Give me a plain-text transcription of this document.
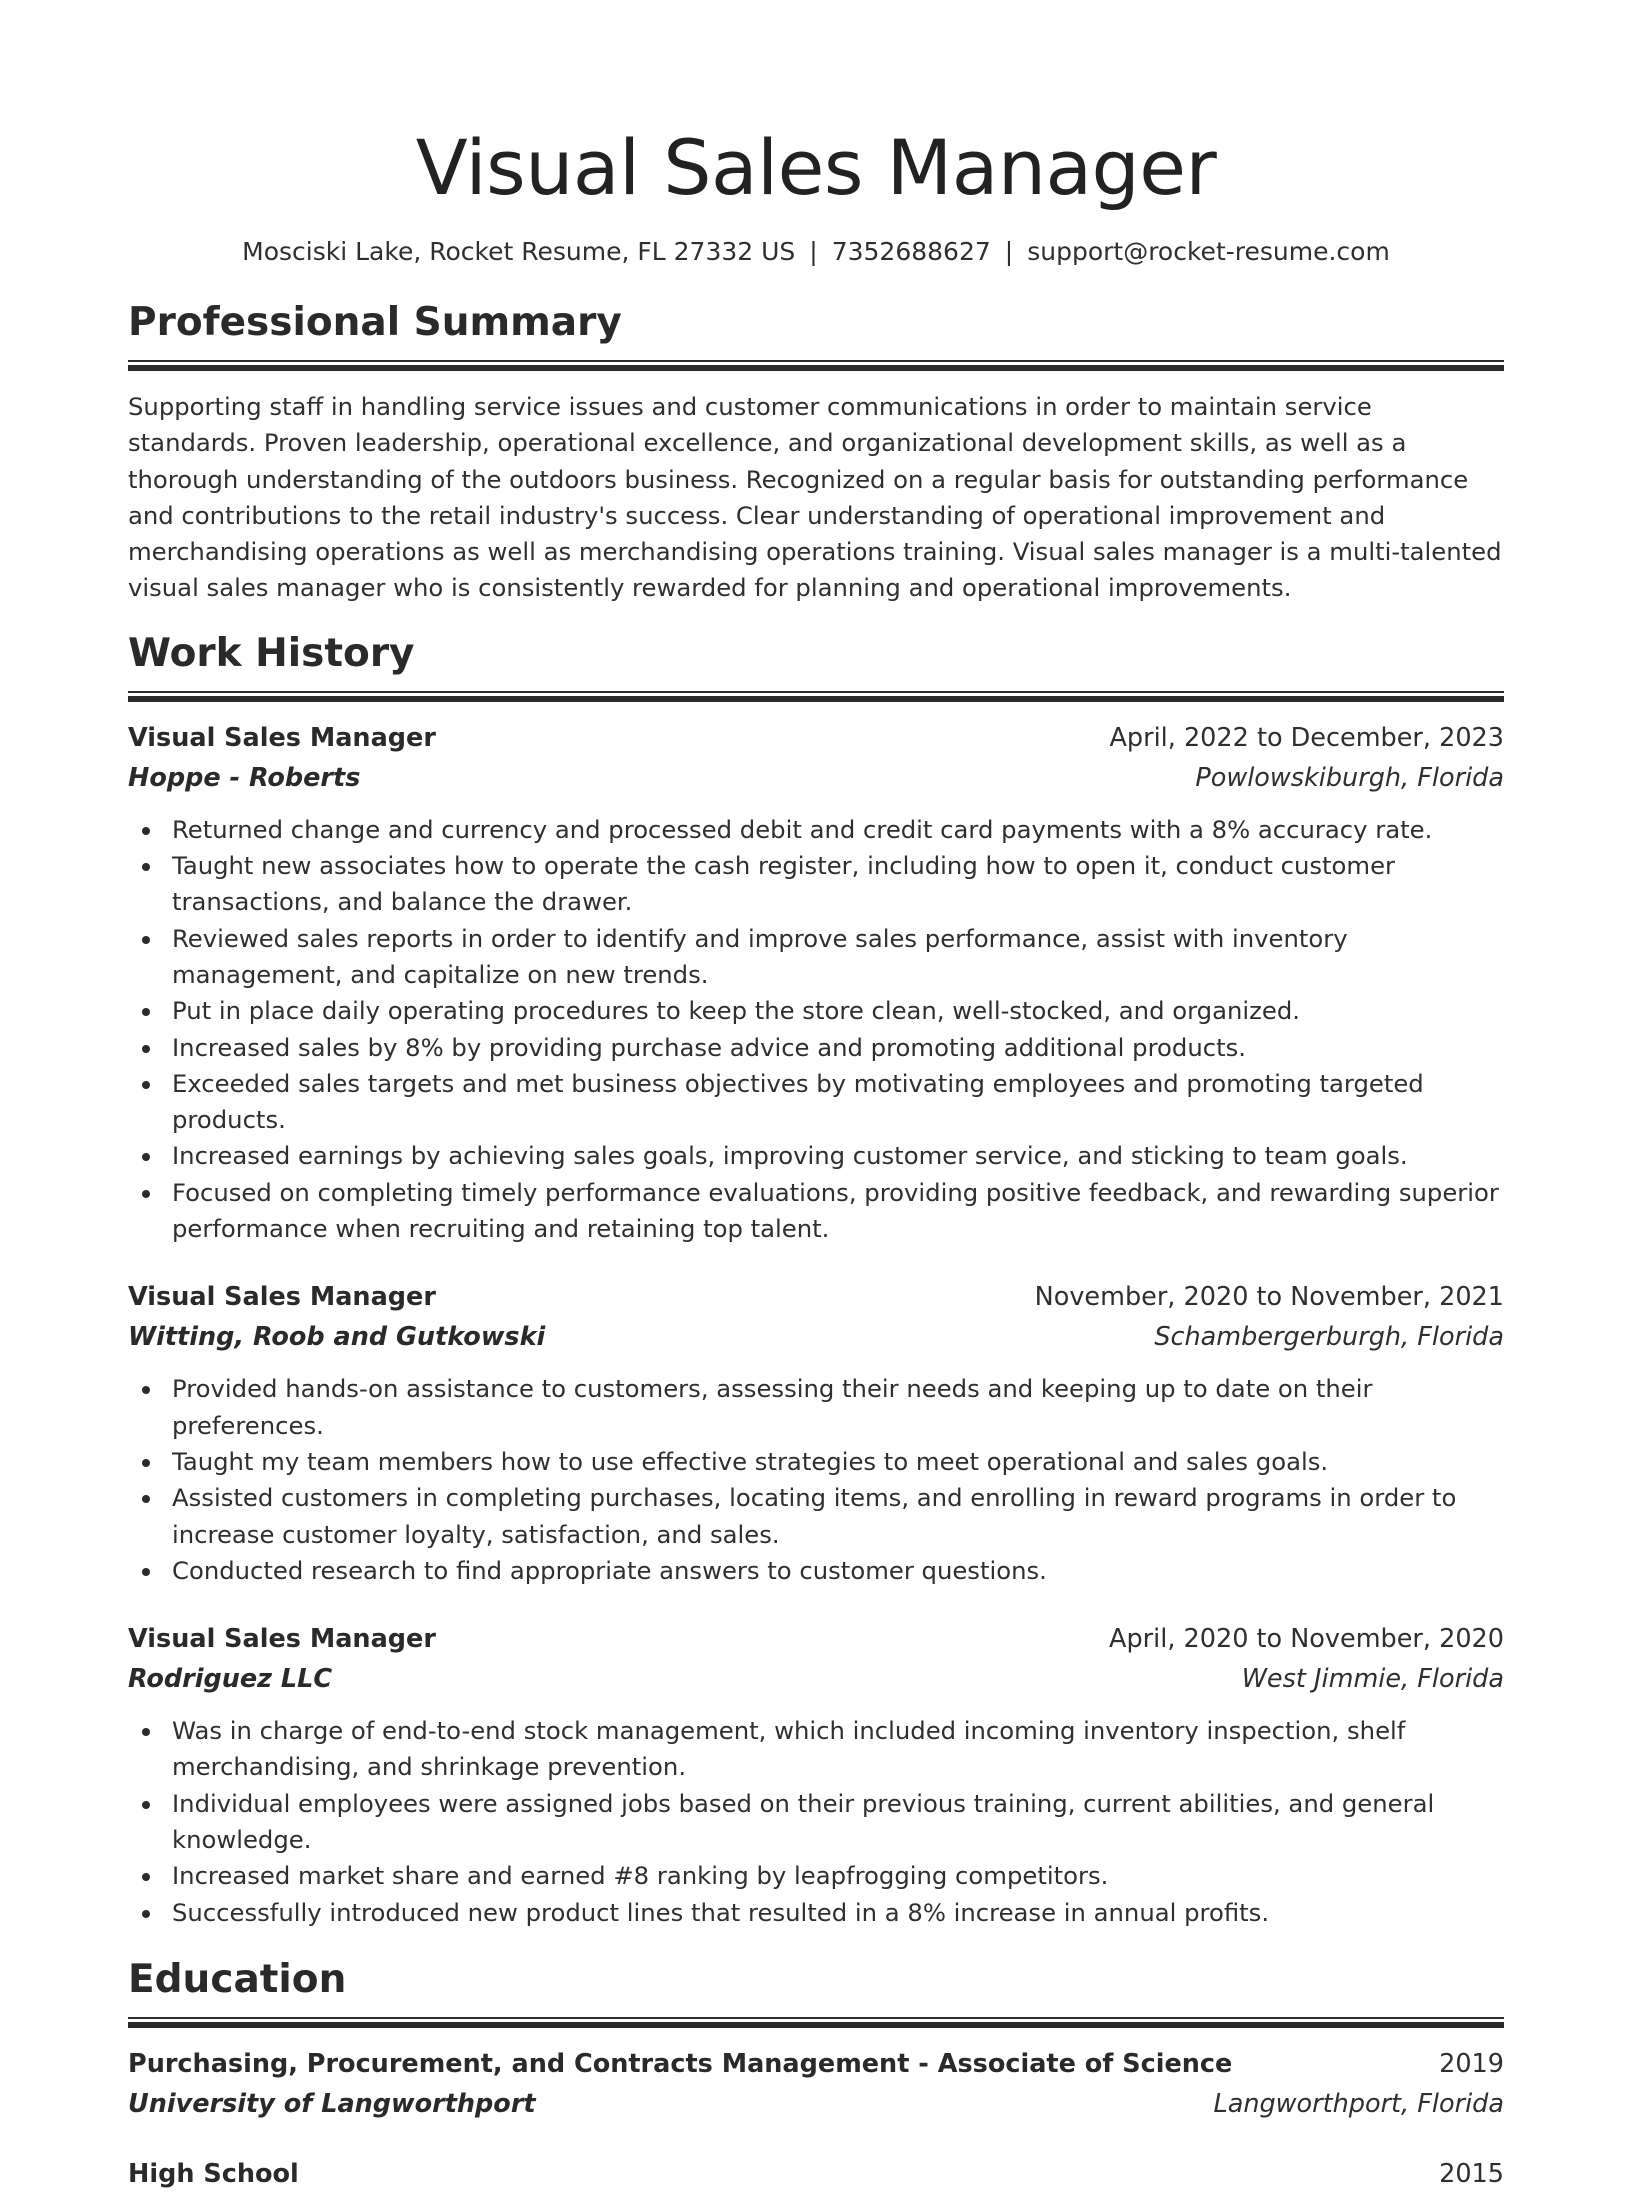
Visual Sales Manager
Mosciski Lake, Rocket Resume, FL 27332 US | 7352688627 | support@rocket-resume.com
Professional Summary

Supporting staff in handling service issues and customer communications in order to maintain service standards. Proven leadership, operational excellence, and organizational development skills, as well as a thorough understanding of the outdoors business. Recognized on a regular basis for outstanding performance and contributions to the retail industry's success. Clear understanding of operational improvement and merchandising operations as well as merchandising operations training. Visual sales manager is a multi-talented visual sales manager who is consistently rewarded for planning and operational improvements.

Work History
Visual Sales Manager	April, 2022 to December, 2023
Hoppe - Roberts	Powlowskiburgh, Florida
Returned change and currency and processed debit and credit card payments with a 8% accuracy rate.
Taught new associates how to operate the cash register, including how to open it, conduct customer transactions, and balance the drawer.
Reviewed sales reports in order to identify and improve sales performance, assist with inventory management, and capitalize on new trends.
Put in place daily operating procedures to keep the store clean, well-stocked, and organized.
Increased sales by 8% by providing purchase advice and promoting additional products.
Exceeded sales targets and met business objectives by motivating employees and promoting targeted products.
Increased earnings by achieving sales goals, improving customer service, and sticking to team goals.
Focused on completing timely performance evaluations, providing positive feedback, and rewarding superior performance when recruiting and retaining top talent.
Visual Sales Manager	November, 2020 to November, 2021
Witting, Roob and Gutkowski	Schambergerburgh, Florida
Provided hands-on assistance to customers, assessing their needs and keeping up to date on their preferences.
Taught my team members how to use effective strategies to meet operational and sales goals.
Assisted customers in completing purchases, locating items, and enrolling in reward programs in order to increase customer loyalty, satisfaction, and sales.
Conducted research to find appropriate answers to customer questions.
Visual Sales Manager	April, 2020 to November, 2020
Rodriguez LLC	West Jimmie, Florida
Was in charge of end-to-end stock management, which included incoming inventory inspection, shelf merchandising, and shrinkage prevention.
Individual employees were assigned jobs based on their previous training, current abilities, and general knowledge.
Increased market share and earned #8 ranking by leapfrogging competitors.
Successfully introduced new product lines that resulted in a 8% increase in annual profits.
Education
Purchasing, Procurement, and Contracts Management - Associate of Science	2019
University of Langworthport	Langworthport, Florida
High School	2015
